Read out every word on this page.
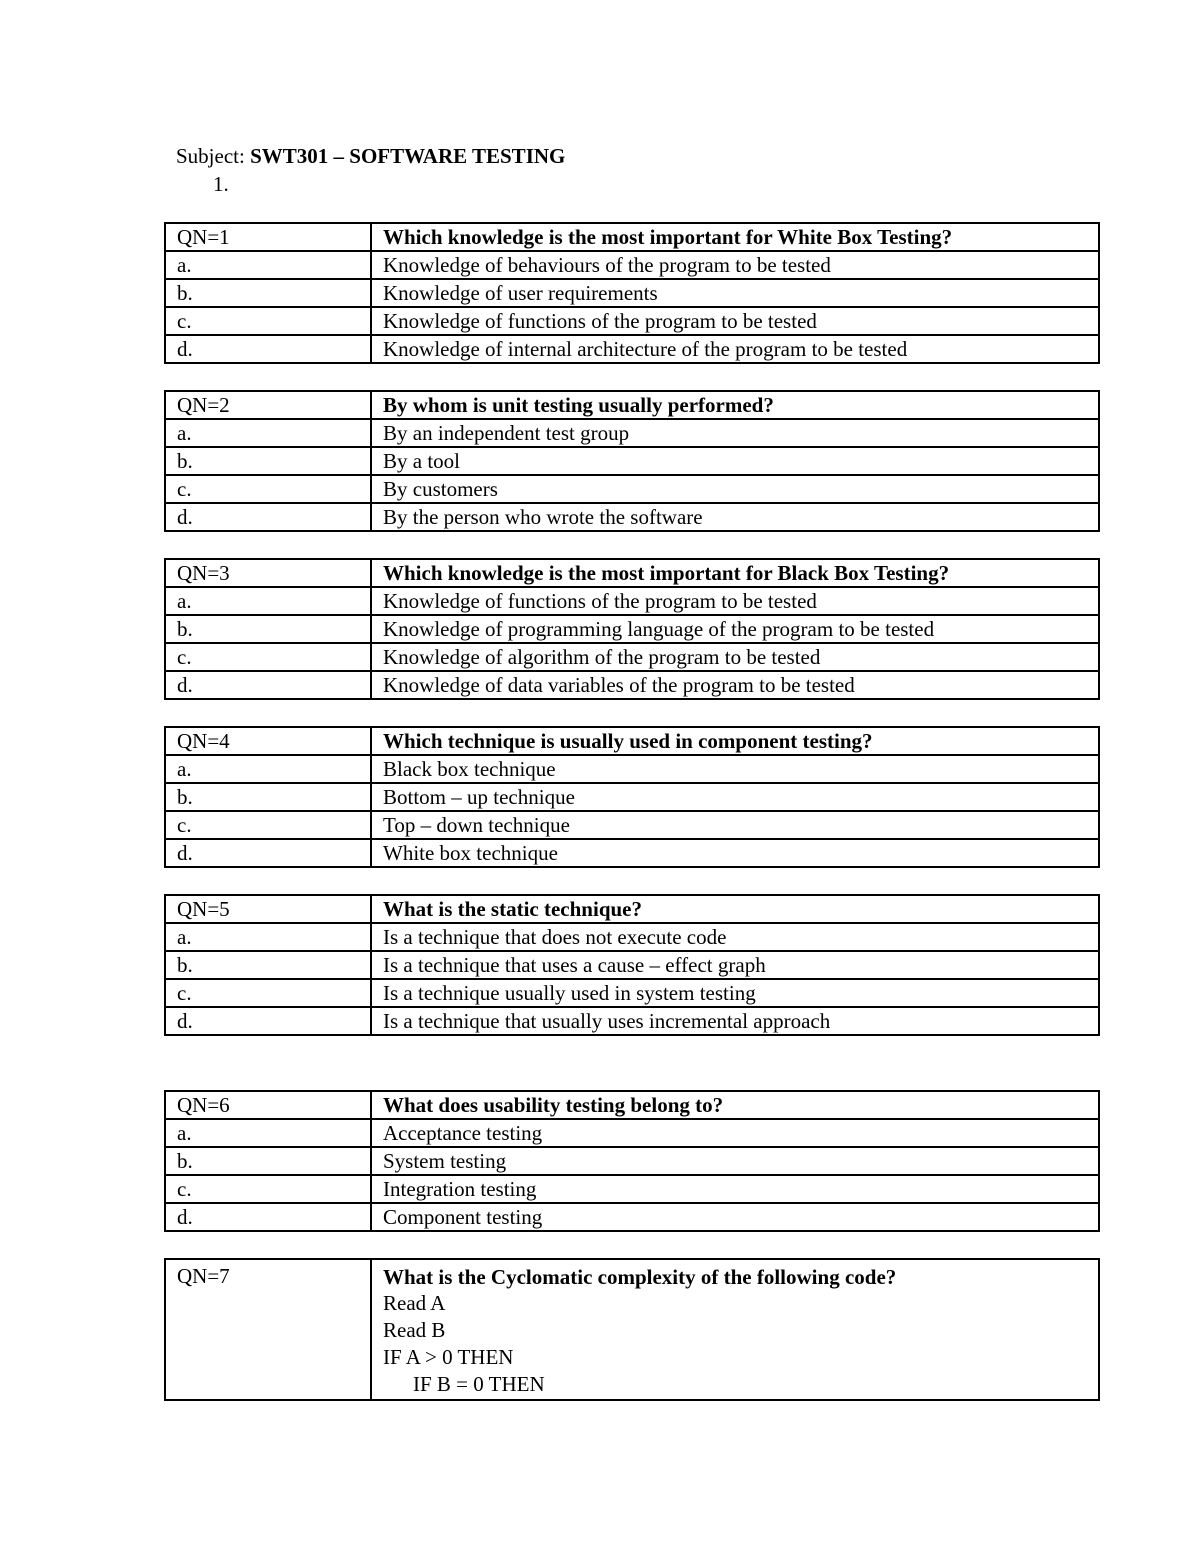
Subject: SWT301 – SOFTWARE TESTING
1.
QN=1	Which knowledge is the most important for White Box Testing?
a.	Knowledge of behaviours of the program to be tested
b.	Knowledge of user requirements
c.	Knowledge of functions of the program to be tested
d.	Knowledge of internal architecture of the program to be tested
QN=2	By whom is unit testing usually performed?
a.	By an independent test group
b.	By a tool
c.	By customers
d.	By the person who wrote the software
QN=3	Which knowledge is the most important for Black Box Testing?
a.	Knowledge of functions of the program to be tested
b.	Knowledge of programming language of the program to be tested
c.	Knowledge of algorithm of the program to be tested
d.	Knowledge of data variables of the program to be tested
QN=4	Which technique is usually used in component testing?
a.	Black box technique
b.	Bottom – up technique
c.	Top – down technique
d.	White box technique
QN=5	What is the static technique?
a.	Is a technique that does not execute code
b.	Is a technique that uses a cause – effect graph
c.	Is a technique usually used in system testing
d.	Is a technique that usually uses incremental approach
QN=6	What does usability testing belong to?
a.	Acceptance testing
b.	System testing
c.	Integration testing
d.	Component testing
QN=7	What is the Cyclomatic complexity of the following code?
Read A
Read B
IF A > 0 THEN
IF B = 0 THEN
